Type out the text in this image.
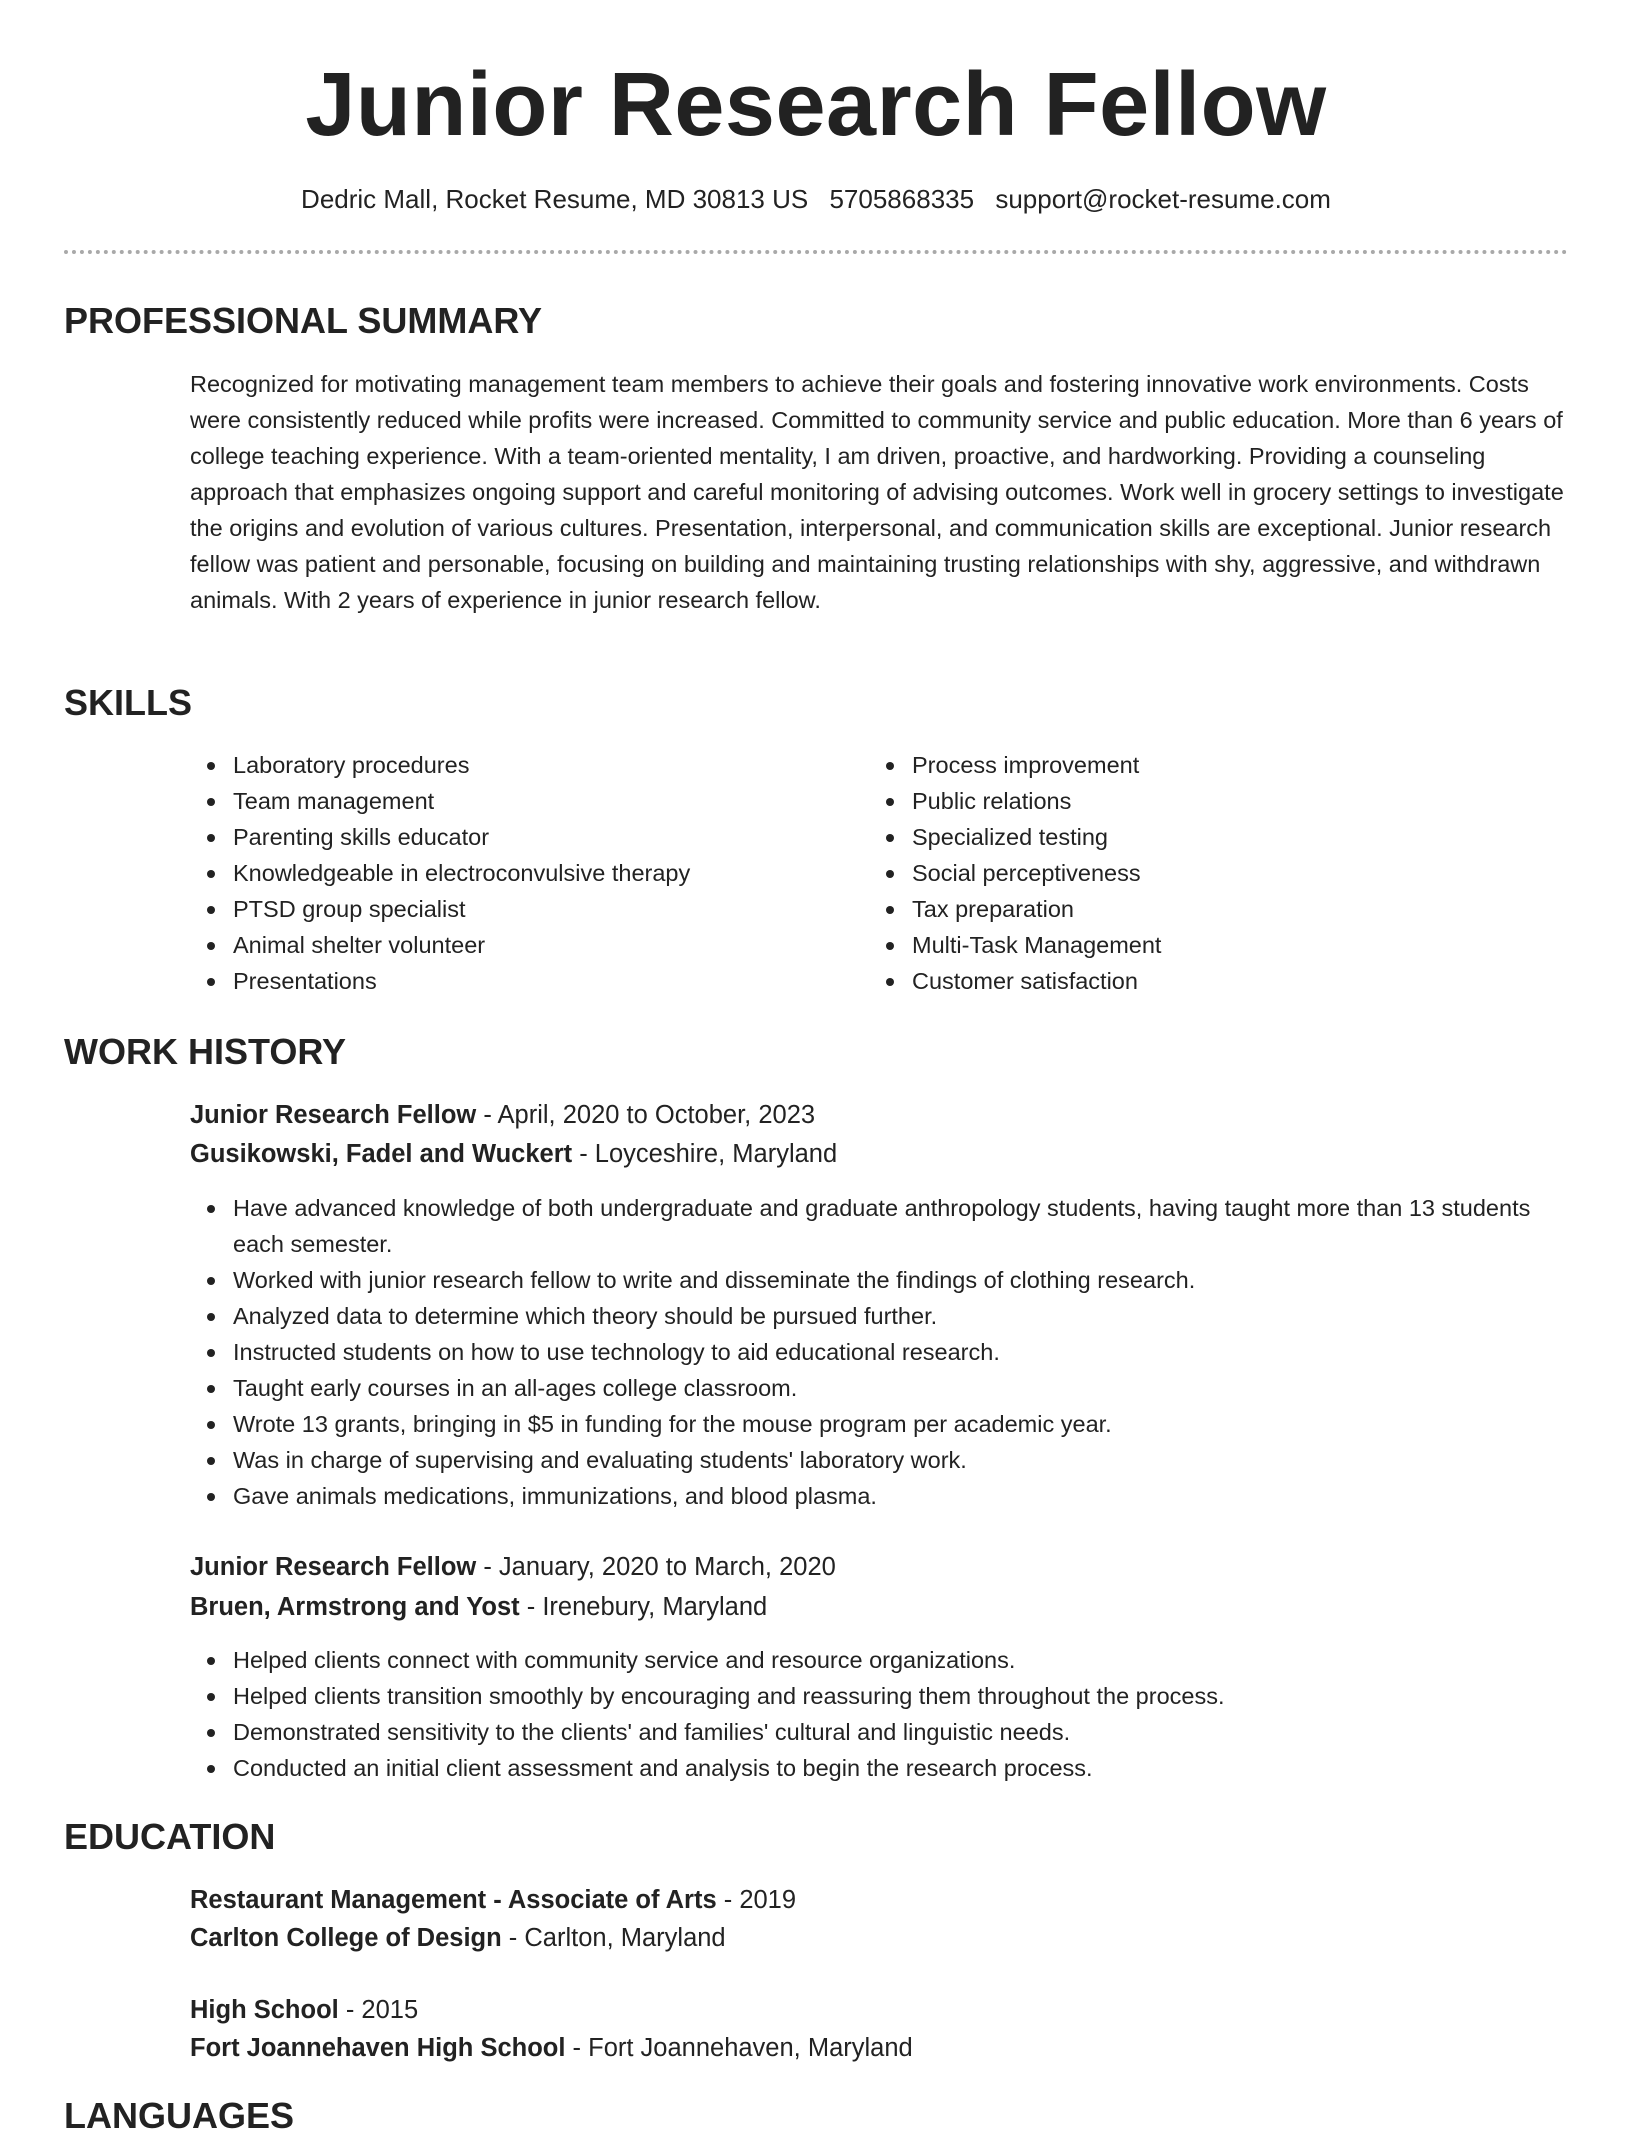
Junior Research Fellow
Dedric Mall, Rocket Resume, MD 30813 US 5705868335 support@rocket-resume.com
PROFESSIONAL SUMMARY

Recognized for motivating management team members to achieve their goals and fostering innovative work environments. Costs were consistently reduced while profits were increased. Committed to community service and public education. More than 6 years of college teaching experience. With a team-oriented mentality, I am driven, proactive, and hardworking. Providing a counseling approach that emphasizes ongoing support and careful monitoring of advising outcomes. Work well in grocery settings to investigate the origins and evolution of various cultures. Presentation, interpersonal, and communication skills are exceptional. Junior research fellow was patient and personable, focusing on building and maintaining trusting relationships with shy, aggressive, and withdrawn animals. With 2 years of experience in junior research fellow.

SKILLS
Laboratory procedures
Team management
Parenting skills educator
Knowledgeable in electroconvulsive therapy
PTSD group specialist
Animal shelter volunteer
Presentations
Process improvement
Public relations
Specialized testing
Social perceptiveness
Tax preparation
Multi-Task Management
Customer satisfaction
WORK HISTORY
Junior Research Fellow - April, 2020 to October, 2023
Gusikowski, Fadel and Wuckert - Loyceshire, Maryland
Have advanced knowledge of both undergraduate and graduate anthropology students, having taught more than 13 students each semester.
Worked with junior research fellow to write and disseminate the findings of clothing research.
Analyzed data to determine which theory should be pursued further.
Instructed students on how to use technology to aid educational research.
Taught early courses in an all-ages college classroom.
Wrote 13 grants, bringing in $5 in funding for the mouse program per academic year.
Was in charge of supervising and evaluating students' laboratory work.
Gave animals medications, immunizations, and blood plasma.
Junior Research Fellow - January, 2020 to March, 2020
Bruen, Armstrong and Yost - Irenebury, Maryland
Helped clients connect with community service and resource organizations.
Helped clients transition smoothly by encouraging and reassuring them throughout the process.
Demonstrated sensitivity to the clients' and families' cultural and linguistic needs.
Conducted an initial client assessment and analysis to begin the research process.
EDUCATION
Restaurant Management - Associate of Arts - 2019
Carlton College of Design - Carlton, Maryland
High School - 2015
Fort Joannehaven High School - Fort Joannehaven, Maryland
LANGUAGES
